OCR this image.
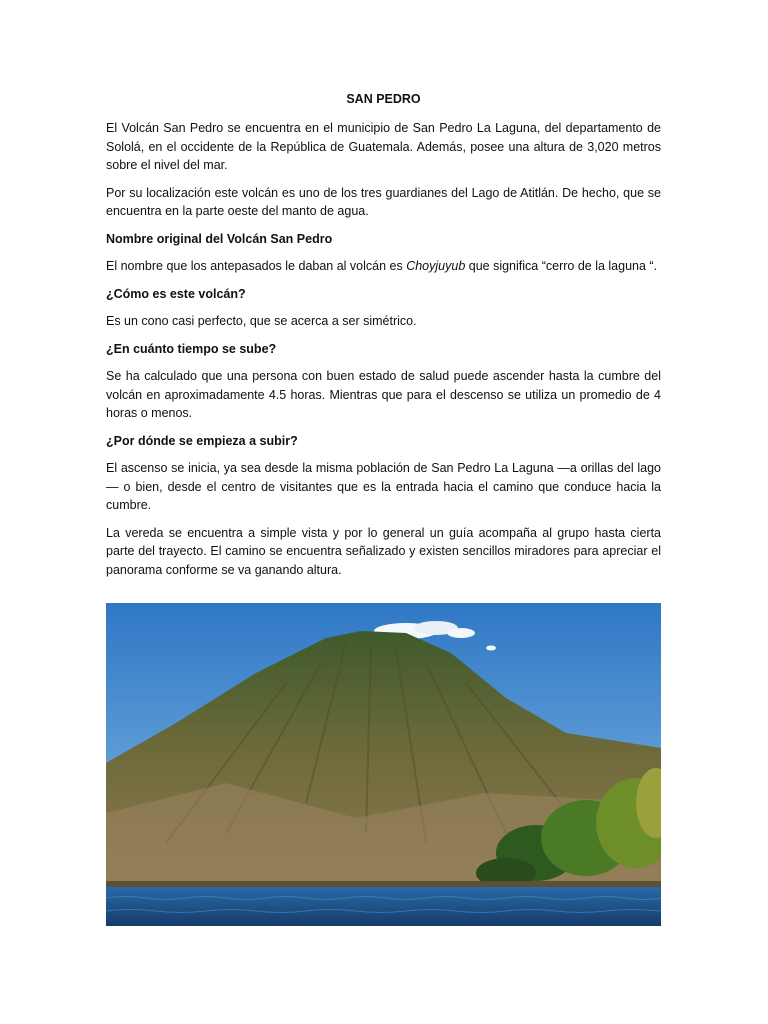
SAN PEDRO

El Volcán San Pedro se encuentra en el municipio de San Pedro La Laguna, del departamento de Sololá, en el occidente de la República de Guatemala. Además, posee una altura de 3,020 metros sobre el nivel del mar.

Por su localización este volcán es uno de los tres guardianes del Lago de Atitlán. De hecho, que se encuentra en la parte oeste del manto de agua.

Nombre original del Volcán San Pedro

El nombre que los antepasados le daban al volcán es Choyjuyub que significa “cerro de la laguna “.

¿Cómo es este volcán?

Es un cono casi perfecto, que se acerca a ser simétrico.

¿En cuánto tiempo se sube?

Se ha calculado que una persona con buen estado de salud puede ascender hasta la cumbre del volcán en aproximadamente 4.5 horas. Mientras que para el descenso se utiliza un promedio de 4 horas o menos.

¿Por dónde se empieza a subir?

El ascenso se inicia, ya sea desde la misma población de San Pedro La Laguna —a orillas del lago— o bien, desde el centro de visitantes que es la entrada hacia el camino que conduce hacia la cumbre.

La vereda se encuentra a simple vista y por lo general un guía acompaña al grupo hasta cierta parte del trayecto. El camino se encuentra señalizado y existen sencillos miradores para apreciar el panorama conforme se va ganando altura.
